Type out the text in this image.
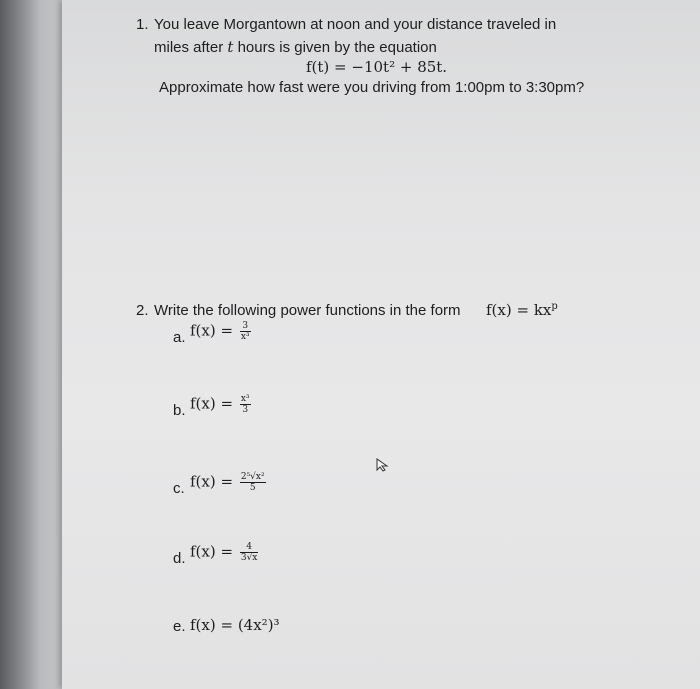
1. You leave Morgantown at noon and your distance traveled in
miles after t hours is given by the equation
f(t) = −10t² + 85t.
Approximate how fast were you driving from 1:00pm to 3:30pm?
2. Write the following power functions in the form $f(x) = kx^p$
a. $f(x) = \frac{3}{\text{x³}}$
b. $f(x) = \frac{\text{x³}}{3}$
c. $f(x) = \frac{\text{2⁵√x²}}{5}$
d. $f(x) = \frac{4}{3√x}$
e. f(x) = (4x²)³
